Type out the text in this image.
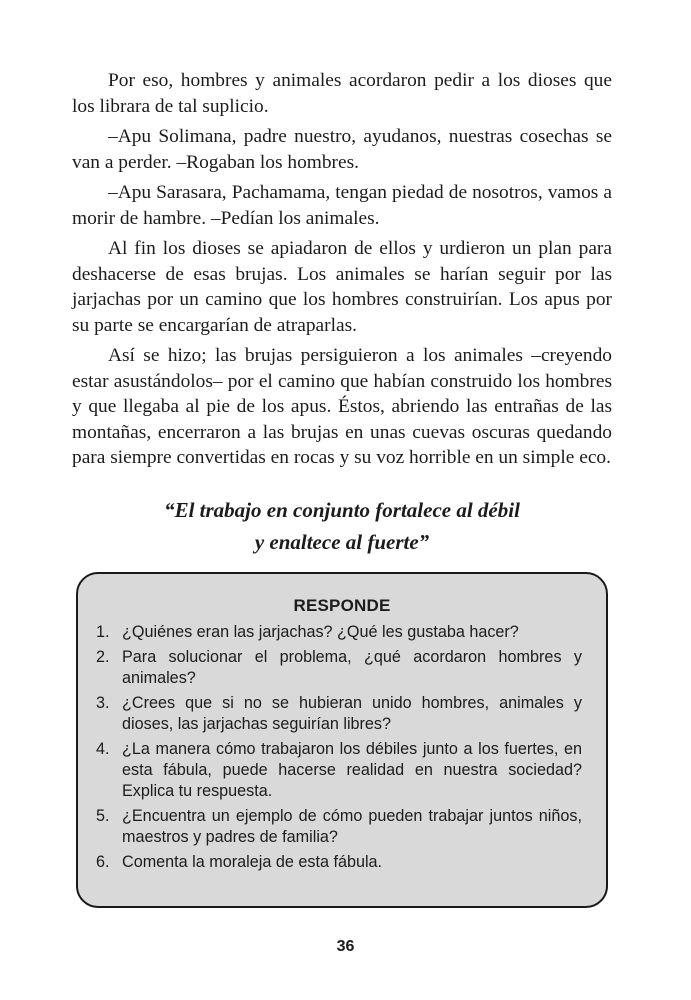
Por eso, hombres y animales acordaron pedir a los dioses que los librara de tal suplicio.

–Apu Solimana, padre nuestro, ayudanos, nuestras cosechas se van a perder. –Rogaban los hombres.

–Apu Sarasara, Pachamama, tengan piedad de nosotros, vamos a morir de hambre. –Pedían los animales.

Al fin los dioses se apiadaron de ellos y urdieron un plan para deshacerse de esas brujas. Los animales se harían seguir por las jarjachas por un camino que los hombres construirían. Los apus por su parte se encargarían de atraparlas.

Así se hizo; las brujas persiguieron a los animales –creyendo estar asustándolos– por el camino que habían construido los hombres y que llegaba al pie de los apus. Éstos, abriendo las entrañas de las montañas, encerraron a las brujas en unas cuevas oscuras quedando para siempre convertidas en rocas y su voz horrible en un simple eco.

“El trabajo en conjunto fortalece al débil
y enaltece al fuerte”
RESPONDE
1. ¿Quiénes eran las jarjachas? ¿Qué les gustaba hacer?
2. Para solucionar el problema, ¿qué acordaron hombres y animales?
3. ¿Crees que si no se hubieran unido hombres, animales y dioses, las jarjachas seguirían libres?
4. ¿La manera cómo trabajaron los débiles junto a los fuertes, en esta fábula, puede hacerse realidad en nuestra sociedad? Explica tu respuesta.
5. ¿Encuentra un ejemplo de cómo pueden trabajar juntos niños, maestros y padres de familia?
6. Comenta la moraleja de esta fábula.
36
